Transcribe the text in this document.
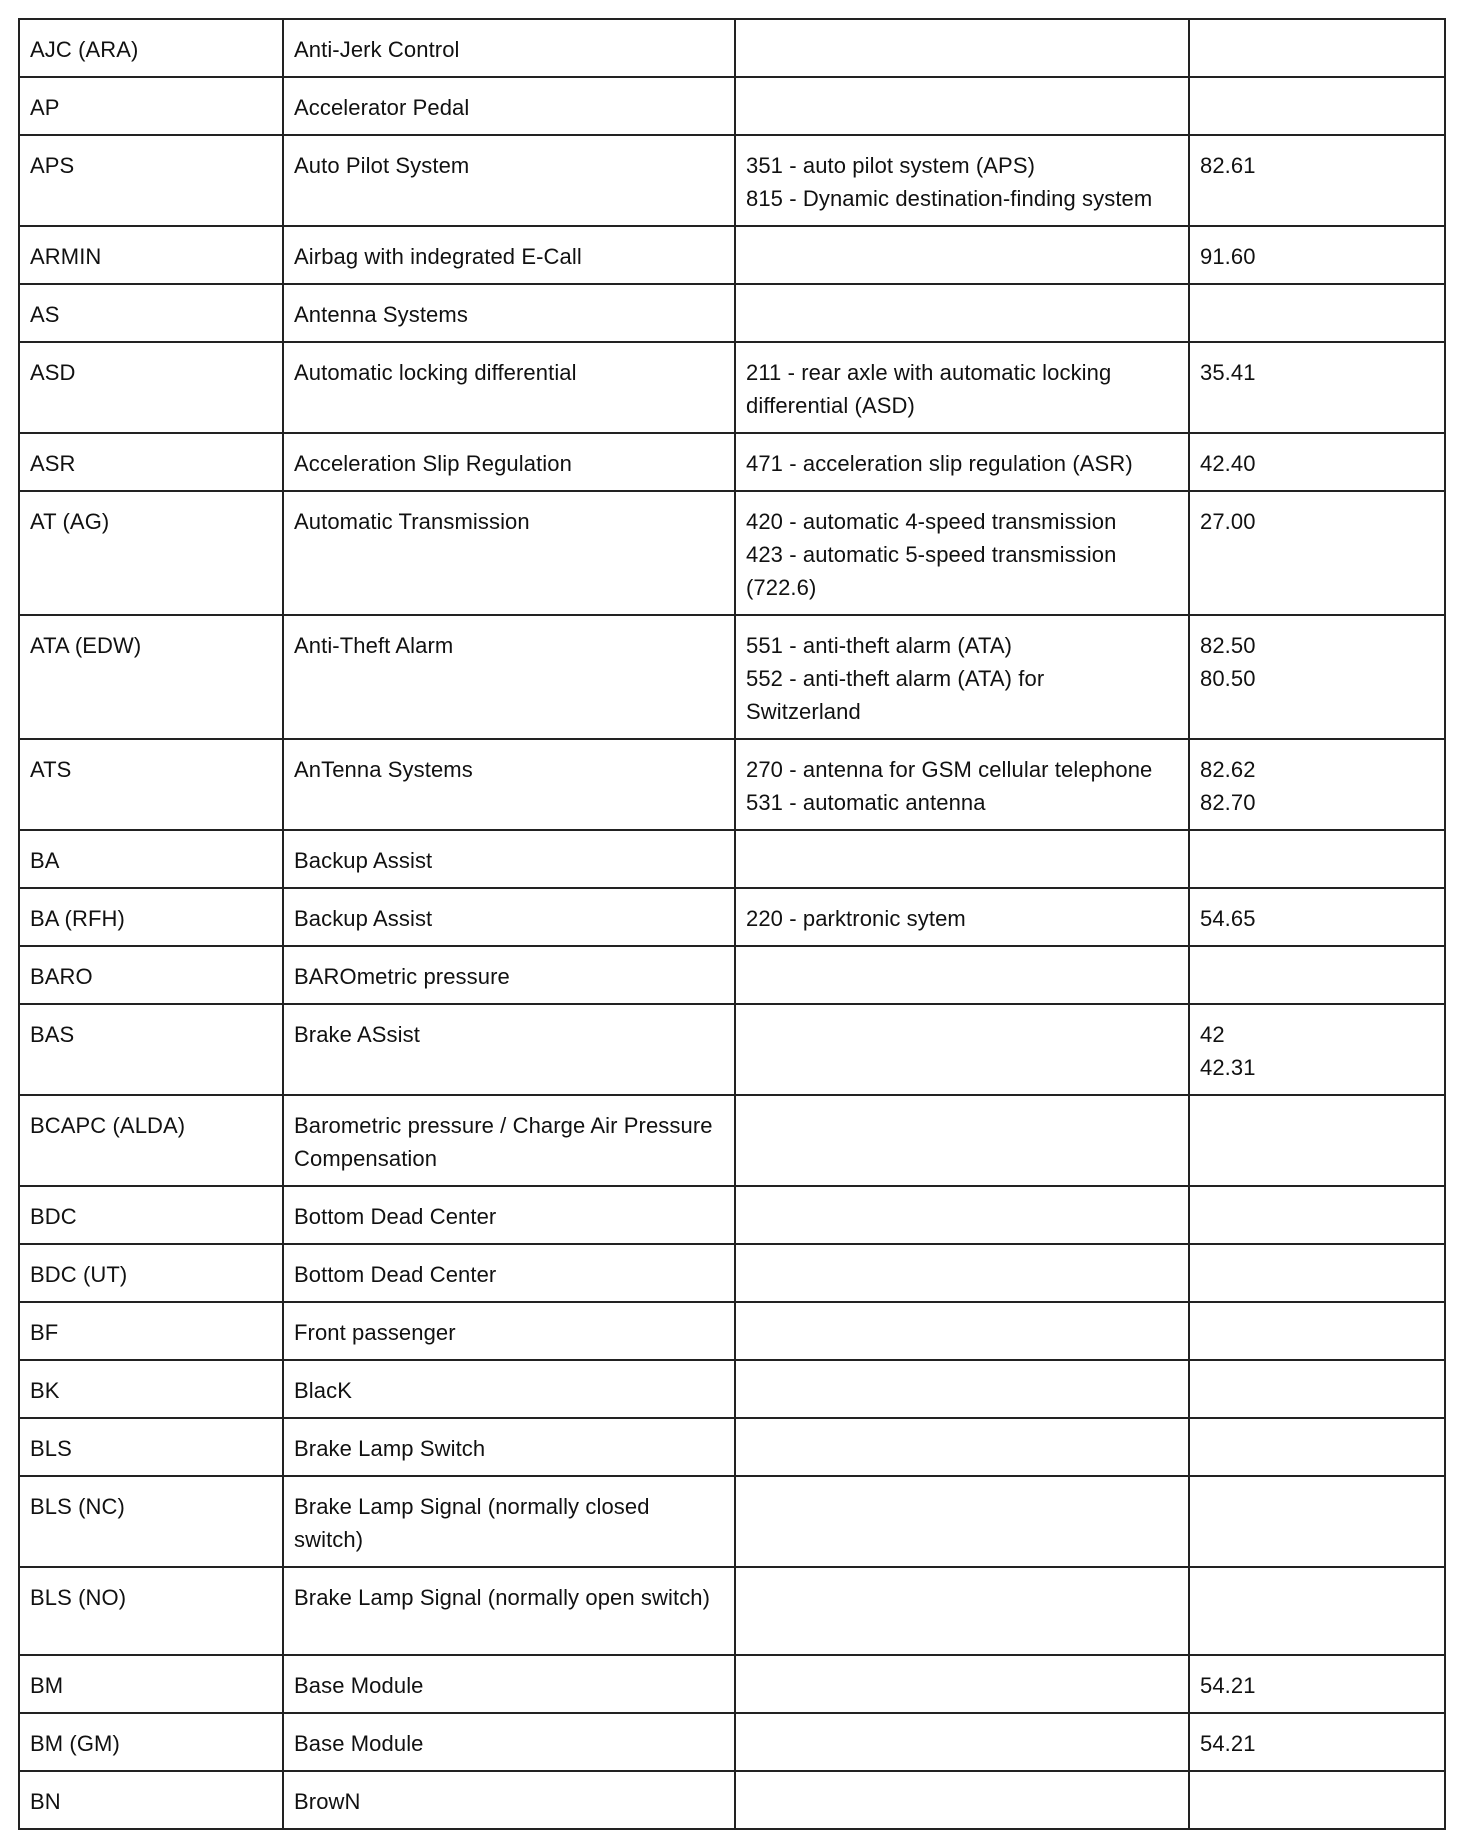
AJC (ARA)	Anti-Jerk Control		
AP	Accelerator Pedal		
APS	Auto Pilot System	351 - auto pilot system (APS)
815 - Dynamic destination-finding system	82.61

ARMIN	Airbag with indegrated E-Call		91.60

AS	Antenna Systems		
ASD	Automatic locking differential	211 - rear axle with automatic locking
differential (ASD)	35.41

ASR	Acceleration Slip Regulation	471 - acceleration slip regulation (ASR)	42.40

AT (AG)	Automatic Transmission	420 - automatic 4-speed transmission
423 - automatic 5-speed transmission
(722.6)	27.00

ATA (EDW)	Anti-Theft Alarm	551 - anti-theft alarm (ATA)
552 - anti-theft alarm (ATA) for
Switzerland	82.50
80.50

ATS	AnTenna Systems	270 - antenna for GSM cellular telephone
531 - automatic antenna	82.62
82.70

BA	Backup Assist		
BA (RFH)	Backup Assist	220 - parktronic sytem	54.65

BARO	BAROmetric pressure		
BAS	Brake ASsist		42
42.31

BCAPC (ALDA)	Barometric pressure / Charge Air Pressure Compensation		
BDC	Bottom Dead Center		
BDC (UT)	Bottom Dead Center		
BF	Front passenger		
BK	BlacK		
BLS	Brake Lamp Switch		
BLS (NC)	Brake Lamp Signal (normally closed switch)		
BLS (NO)	Brake Lamp Signal (normally open switch)		
BM	Base Module		54.21

BM (GM)	Base Module		54.21

BN	BrowN		
